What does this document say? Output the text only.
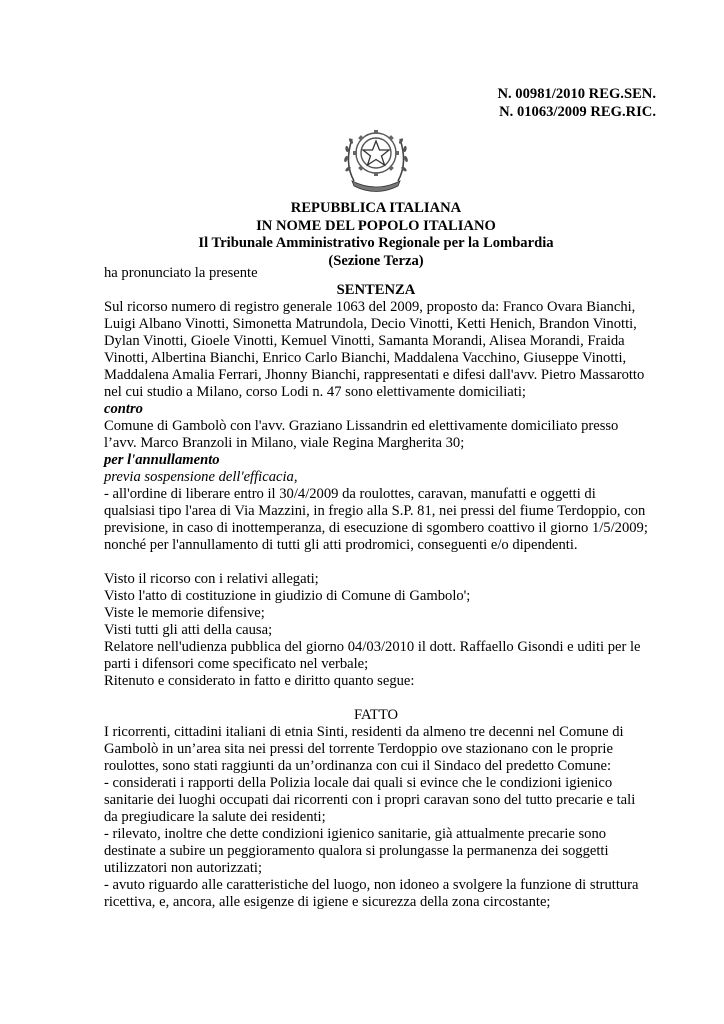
N. 00981/2010 REG.SEN.
N. 01063/2009 REG.RIC.
REPUBBLICA ITALIANA
IN NOME DEL POPOLO ITALIANO
Il Tribunale Amministrativo Regionale per la Lombardia
(Sezione Terza)

ha pronunciato la presente

SENTENZA

Sul ricorso numero di registro generale 1063 del 2009, proposto da: Franco Ovara Bianchi, Luigi Albano Vinotti, Simonetta Matrundola, Decio Vinotti, Ketti Henich, Brandon Vinotti, Dylan Vinotti, Gioele Vinotti, Kemuel Vinotti, Samanta Morandi, Alisea Morandi, Fraida Vinotti, Albertina Bianchi, Enrico Carlo Bianchi, Maddalena Vacchino, Giuseppe Vinotti, Maddalena Amalia Ferrari, Jhonny Bianchi, rappresentati e difesi dall'avv. Pietro Massarotto nel cui studio a Milano, corso Lodi n. 47 sono elettivamente domiciliati;

contro

Comune di Gambolò con l'avv. Graziano Lissandrin ed elettivamente domiciliato presso l’avv. Marco Branzoli in Milano, viale Regina Margherita 30;

per l'annullamento

previa sospensione dell'efficacia,

- all'ordine di liberare entro il 30/4/2009 da roulottes, caravan, manufatti e oggetti di qualsiasi tipo l'area di Via Mazzini, in fregio alla S.P. 81, nei pressi del fiume Terdoppio, con previsione, in caso di inottemperanza, di esecuzione di sgombero coattivo il giorno 1/5/2009; nonché per l'annullamento di tutti gli atti prodromici, conseguenti e/o dipendenti.

Visto il ricorso con i relativi allegati;

Visto l'atto di costituzione in giudizio di Comune di Gambolo';

Viste le memorie difensive;

Visti tutti gli atti della causa;

Relatore nell'udienza pubblica del giorno 04/03/2010 il dott. Raffaello Gisondi e uditi per le parti i difensori come specificato nel verbale;

Ritenuto e considerato in fatto e diritto quanto segue:

FATTO

I ricorrenti, cittadini italiani di etnia Sinti, residenti da almeno tre decenni nel Comune di Gambolò in un’area sita nei pressi del torrente Terdoppio ove stazionano con le proprie roulottes, sono stati raggiunti da un’ordinanza con cui il Sindaco del predetto Comune:

- considerati i rapporti della Polizia locale dai quali si evince che le condizioni igienico sanitarie dei luoghi occupati dai ricorrenti con i propri caravan sono del tutto precarie e tali da pregiudicare la salute dei residenti;

- rilevato, inoltre che dette condizioni igienico sanitarie, già attualmente precarie sono destinate a subire un peggioramento qualora si prolungasse la permanenza dei soggetti utilizzatori non autorizzati;

- avuto riguardo alle caratteristiche del luogo, non idoneo a svolgere la funzione di struttura ricettiva, e, ancora, alle esigenze di igiene e sicurezza della zona circostante;
